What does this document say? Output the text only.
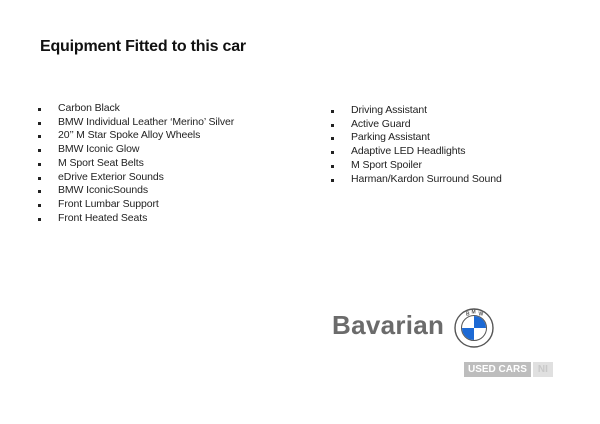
Equipment Fitted to this car
Carbon Black
BMW Individual Leather ‘Merino’ Silver
20’’ M Star Spoke Alloy Wheels
BMW Iconic Glow
M Sport Seat Belts
eDrive Exterior Sounds
BMW IconicSounds
Front Lumbar Support
Front Heated Seats
Driving Assistant
Active Guard
Parking Assistant
Adaptive LED Headlights
M Sport Spoiler
Harman/Kardon Surround Sound
Bavarian	B M W
USED CARS	NI
